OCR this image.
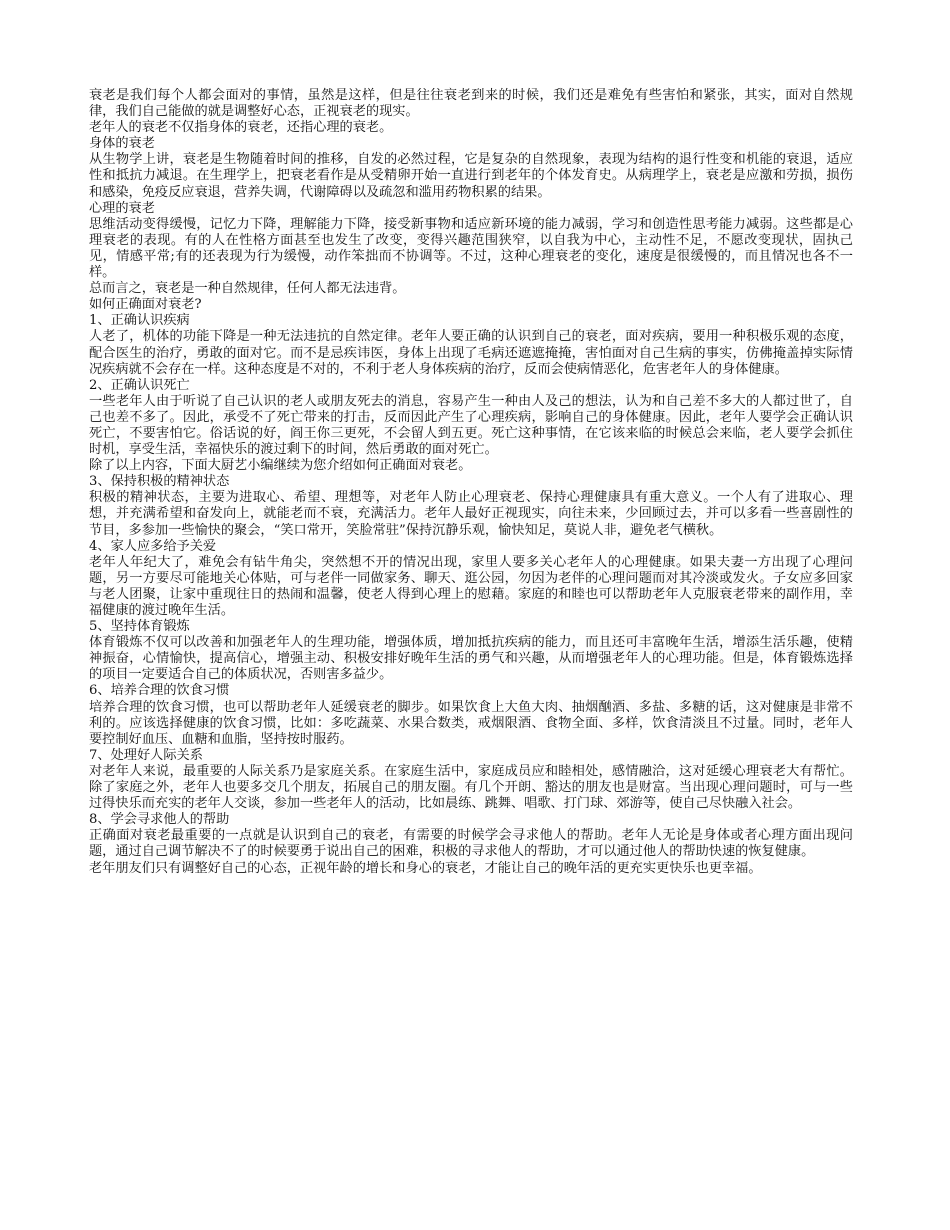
衰老是我们每个人都会面对的事情，虽然是这样，但是往往衰老到来的时候，我们还是难免有些害怕和紧张，其实，面对自然规律，我们自己能做的就是调整好心态，正视衰老的现实。

老年人的衰老不仅指身体的衰老，还指心理的衰老。

身体的衰老

从生物学上讲，衰老是生物随着时间的推移，自发的必然过程，它是复杂的自然现象，表现为结构的退行性变和机能的衰退，适应性和抵抗力减退。在生理学上，把衰老看作是从受精卵开始一直进行到老年的个体发育史。从病理学上，衰老是应激和劳损，损伤和感染，免疫反应衰退，营养失调，代谢障碍以及疏忽和滥用药物积累的结果。

心理的衰老

思维活动变得缓慢，记忆力下降，理解能力下降，接受新事物和适应新环境的能力减弱，学习和创造性思考能力减弱。这些都是心理衰老的表现。有的人在性格方面甚至也发生了改变，变得兴趣范围狭窄，以自我为中心，主动性不足，不愿改变现状，固执己见，情感平常;有的还表现为行为缓慢，动作笨拙而不协调等。不过，这种心理衰老的变化，速度是很缓慢的，而且情况也各不一样。

总而言之，衰老是一种自然规律，任何人都无法违背。

如何正确面对衰老?

1、正确认识疾病

人老了，机体的功能下降是一种无法违抗的自然定律。老年人要正确的认识到自己的衰老，面对疾病，要用一种积极乐观的态度，配合医生的治疗，勇敢的面对它。而不是忌疾讳医，身体上出现了毛病还遮遮掩掩，害怕面对自己生病的事实，仿佛掩盖掉实际情况疾病就不会存在一样。这种态度是不对的，不利于老人身体疾病的治疗，反而会使病情恶化，危害老年人的身体健康。

2、正确认识死亡

一些老年人由于听说了自己认识的老人或朋友死去的消息，容易产生一种由人及己的想法，认为和自己差不多大的人都过世了，自己也差不多了。因此，承受不了死亡带来的打击，反而因此产生了心理疾病，影响自己的身体健康。因此，老年人要学会正确认识死亡，不要害怕它。俗话说的好，阎王你三更死，不会留人到五更。死亡这种事情，在它该来临的时候总会来临，老人要学会抓住时机，享受生活，幸福快乐的渡过剩下的时间，然后勇敢的面对死亡。

除了以上内容，下面大厨艺小编继续为您介绍如何正确面对衰老。

3、保持积极的精神状态

积极的精神状态，主要为进取心、希望、理想等，对老年人防止心理衰老、保持心理健康具有重大意义。一个人有了进取心、理想，并充满希望和奋发向上，就能老而不衰，充满活力。老年人最好正视现实，向往未来，少回顾过去，并可以多看一些喜剧性的节目，多参加一些愉快的聚会，“笑口常开，笑脸常驻”保持沉静乐观，愉快知足，莫说人非，避免老气横秋。

4、家人应多给予关爱

老年人年纪大了，难免会有钻牛角尖，突然想不开的情况出现，家里人要多关心老年人的心理健康。如果夫妻一方出现了心理问题，另一方要尽可能地关心体贴，可与老伴一同做家务、聊天、逛公园，勿因为老伴的心理问题而对其冷淡或发火。子女应多回家与老人团聚，让家中重现往日的热闹和温馨，使老人得到心理上的慰藉。家庭的和睦也可以帮助老年人克服衰老带来的副作用，幸福健康的渡过晚年生活。

5、坚持体育锻炼

体育锻炼不仅可以改善和加强老年人的生理功能，增强体质，增加抵抗疾病的能力，而且还可丰富晚年生活，增添生活乐趣，使精神振奋，心情愉快，提高信心，增强主动、积极安排好晚年生活的勇气和兴趣，从而增强老年人的心理功能。但是，体育锻炼选择的项目一定要适合自己的体质状况，否则害多益少。

6、培养合理的饮食习惯

培养合理的饮食习惯，也可以帮助老年人延缓衰老的脚步。如果饮食上大鱼大肉、抽烟酗酒、多盐、多糖的话，这对健康是非常不利的。应该选择健康的饮食习惯，比如：多吃蔬菜、水果合数类，戒烟限酒、食物全面、多样，饮食清淡且不过量。同时，老年人要控制好血压、血糖和血脂，坚持按时服药。

7、处理好人际关系

对老年人来说，最重要的人际关系乃是家庭关系。在家庭生活中，家庭成员应和睦相处，感情融洽，这对延缓心理衰老大有帮忙。除了家庭之外，老年人也要多交几个朋友，拓展自己的朋友圈。有几个开朗、豁达的朋友也是财富。当出现心理问题时，可与一些过得快乐而充实的老年人交谈，参加一些老年人的活动，比如晨练、跳舞、唱歌、打门球、郊游等，使自己尽快融入社会。

8、学会寻求他人的帮助

正确面对衰老最重要的一点就是认识到自己的衰老，有需要的时候学会寻求他人的帮助。老年人无论是身体或者心理方面出现问题，通过自己调节解决不了的时候要勇于说出自己的困难，积极的寻求他人的帮助，才可以通过他人的帮助快速的恢复健康。

老年朋友们只有调整好自己的心态，正视年龄的增长和身心的衰老，才能让自己的晚年活的更充实更快乐也更幸福。
